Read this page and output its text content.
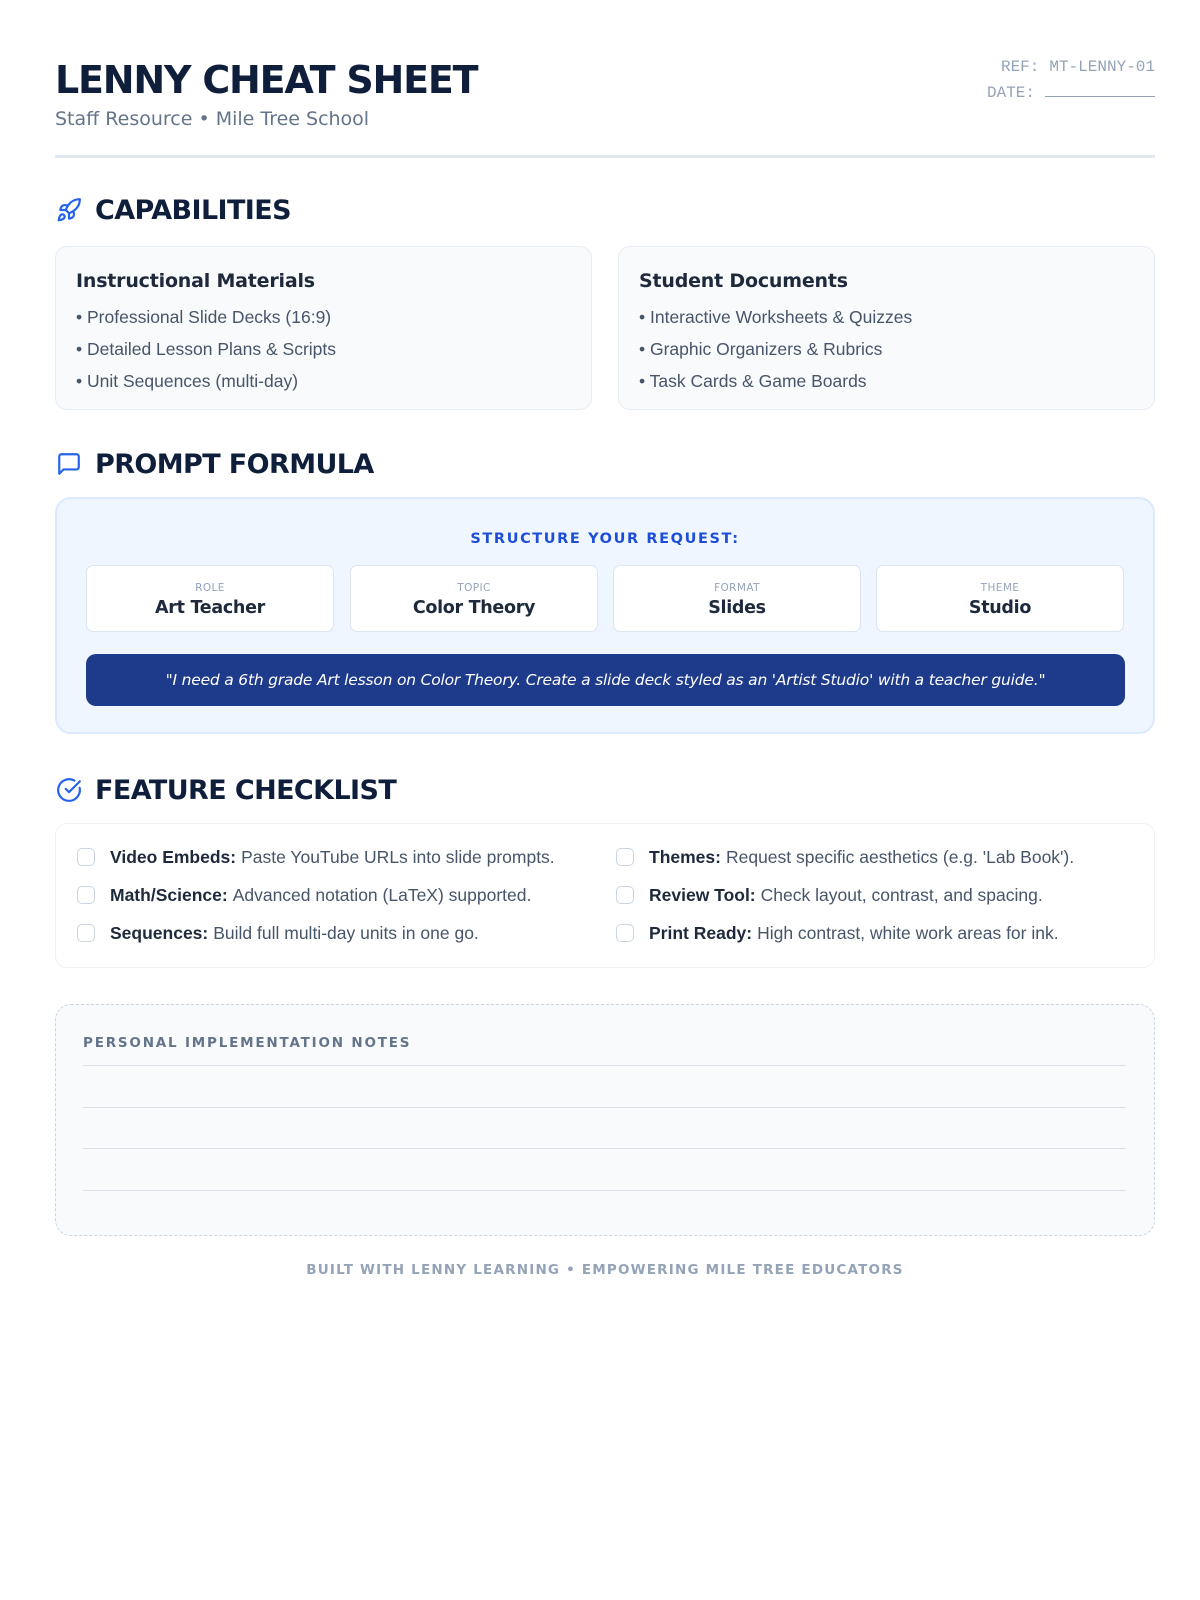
LENNY CHEAT SHEET
Staff Resource • Mile Tree School
REF: MT-LENNY-01
DATE:
CAPABILITIES
Instructional Materials
• Professional Slide Decks (16:9)
• Detailed Lesson Plans & Scripts
• Unit Sequences (multi-day)
Student Documents
• Interactive Worksheets & Quizzes
• Graphic Organizers & Rubrics
• Task Cards & Game Boards
PROMPT FORMULA
STRUCTURE YOUR REQUEST:
ROLE
Art Teacher
TOPIC
Color Theory
FORMAT
Slides
THEME
Studio
"I need a 6th grade Art lesson on Color Theory. Create a slide deck styled as an 'Artist Studio' with a teacher guide."
FEATURE CHECKLIST
Video Embeds: Paste YouTube URLs into slide prompts.	Themes: Request specific aesthetics (e.g. 'Lab Book').
Math/Science: Advanced notation (LaTeX) supported.	Review Tool: Check layout, contrast, and spacing.
Sequences: Build full multi-day units in one go.	Print Ready: High contrast, white work areas for ink.
PERSONAL IMPLEMENTATION NOTES
BUILT WITH LENNY LEARNING • EMPOWERING MILE TREE EDUCATORS
